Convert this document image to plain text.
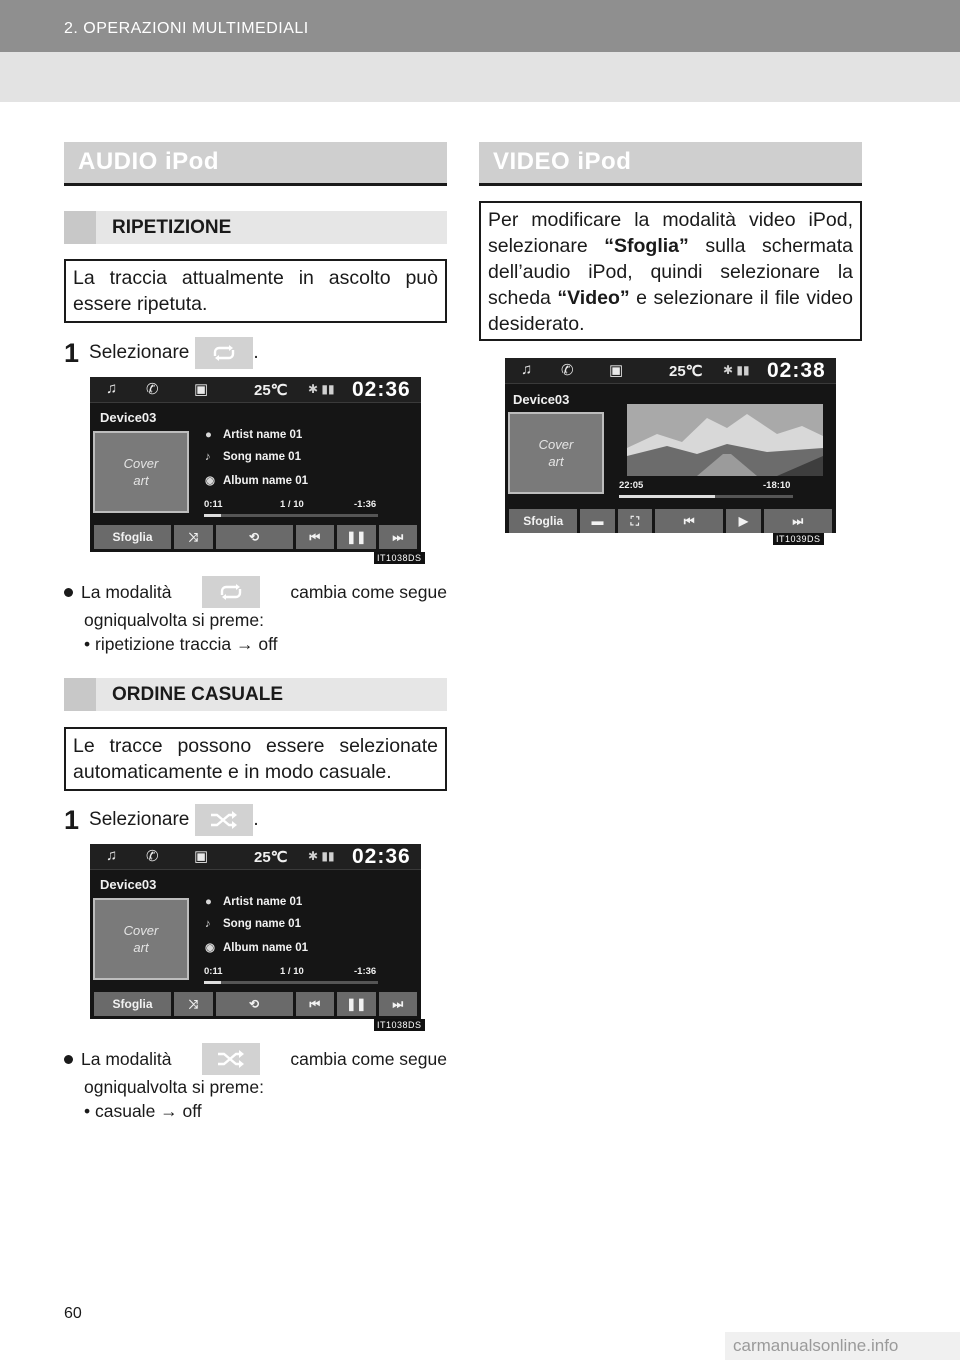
2. OPERAZIONI MULTIMEDIALI
AUDIO iPod
RIPETIZIONE
La traccia attualmente in ascolto può essere ripetuta.
1 Selezionare	.
♫ ✆ ▣	25℃ ✱ ▮▮ 02:36
Device03
Cover
art
● Artist name 01
♪ Song name 01
◉ Album name 01
0:11	1 / 10	-1:36
Sfoglia	⤨	⟲	⏮	❚❚	⏭
IT1038DS
La modalità	cambia come segue
ogniqualvolta si preme:
• ripetizione traccia → off
ORDINE CASUALE
Le tracce possono essere selezionate automaticamente e in modo casuale.
1 Selezionare	.
♫ ✆ ▣	25℃ ✱ ▮▮ 02:36
Device03
Cover
art
● Artist name 01
♪ Song name 01
◉ Album name 01
0:11	1 / 10	-1:36
Sfoglia	⤨	⟲	⏮	❚❚	⏭
IT1038DS
La modalità	cambia come segue
ogniqualvolta si preme:
• casuale → off
VIDEO iPod
Per modificare la modalità video iPod, selezionare “Sfoglia” sulla schermata dell’audio iPod, quindi selezionare la scheda “Video” e selezionare il file video desiderato.
♫ ✆ ▣	25℃ ✱ ▮▮ 02:38
Device03
Cover
art
22:05	-18:10
Sfoglia	▬	⛶	⏮	▶	⏭
IT1039DS
60
carmanualsonline.info
